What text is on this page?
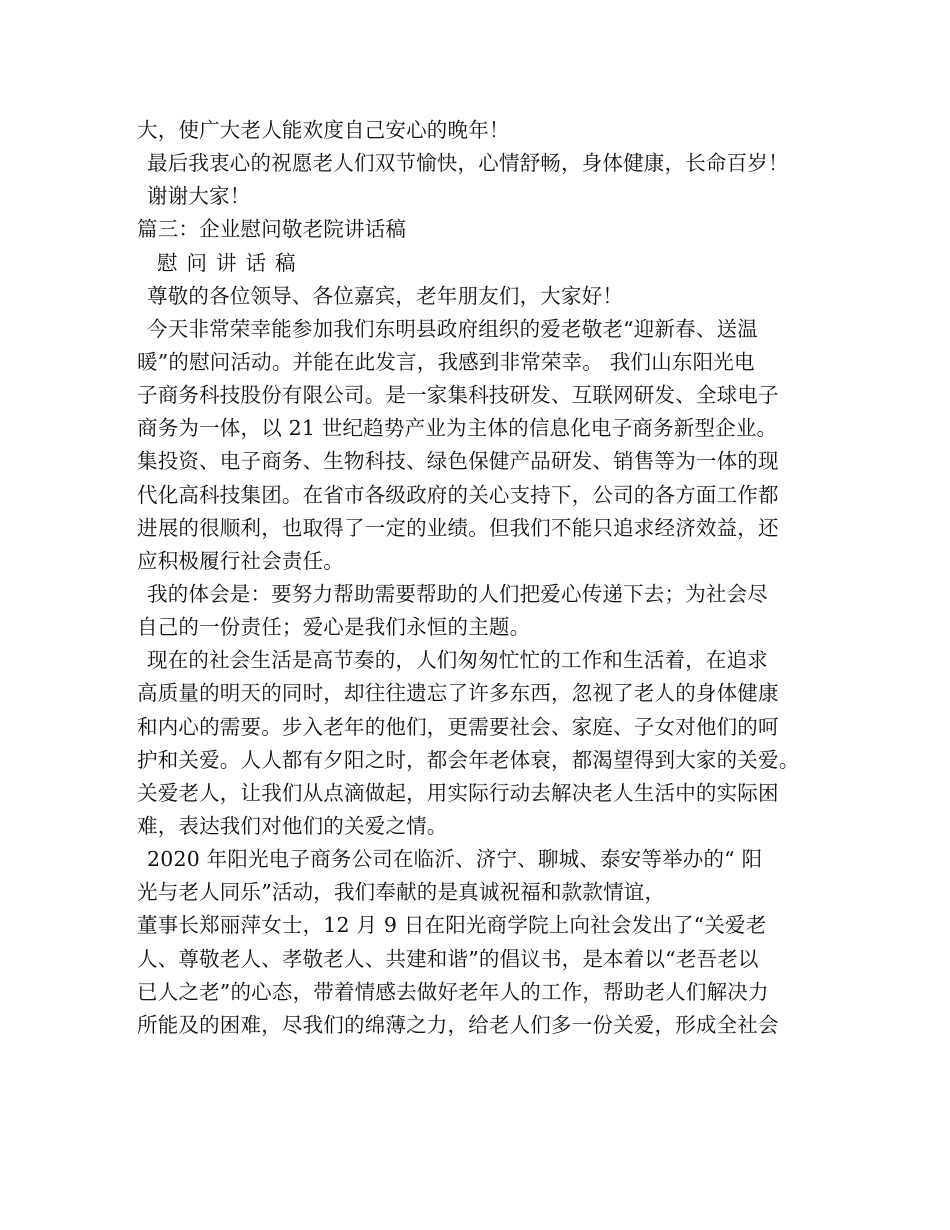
大，使广大老人能欢度自己安心的晚年！
最后我衷心的祝愿老人们双节愉快，心情舒畅，身体健康，长命百岁！
谢谢大家！
篇三：企业慰问敬老院讲话稿
慰问讲话稿
尊敬的各位领导、各位嘉宾，老年朋友们，大家好！
今天非常荣幸能参加我们东明县政府组织的爱老敬老“迎新春、送温
暖”的慰问活动。并能在此发言，我感到非常荣幸。 我们山东阳光电
子商务科技股份有限公司。是一家集科技研发、互联网研发、全球电子
商务为一体，以 21 世纪趋势产业为主体的信息化电子商务新型企业。
集投资、电子商务、生物科技、绿色保健产品研发、销售等为一体的现
代化高科技集团。在省市各级政府的关心支持下，公司的各方面工作都
进展的很顺利，也取得了一定的业绩。但我们不能只追求经济效益，还
应积极履行社会责任。
我的体会是：要努力帮助需要帮助的人们把爱心传递下去；为社会尽
自己的一份责任；爱心是我们永恒的主题。
现在的社会生活是高节奏的，人们匆匆忙忙的工作和生活着，在追求
高质量的明天的同时，却往往遗忘了许多东西，忽视了老人的身体健康
和内心的需要。步入老年的他们，更需要社会、家庭、子女对他们的呵
护和关爱。人人都有夕阳之时，都会年老体衰，都渴望得到大家的关爱。
关爱老人，让我们从点滴做起，用实际行动去解决老人生活中的实际困
难，表达我们对他们的关爱之情。
2020 年阳光电子商务公司在临沂、济宁、聊城、泰安等举办的“ 阳
光与老人同乐”活动，我们奉献的是真诚祝福和款款情谊，
董事长郑丽萍女士，12 月 9 日在阳光商学院上向社会发出了“关爱老
人、尊敬老人、孝敬老人、共建和谐”的倡议书，是本着以“老吾老以
已人之老”的心态，带着情感去做好老年人的工作，帮助老人们解决力
所能及的困难，尽我们的绵薄之力，给老人们多一份关爱，形成全社会
